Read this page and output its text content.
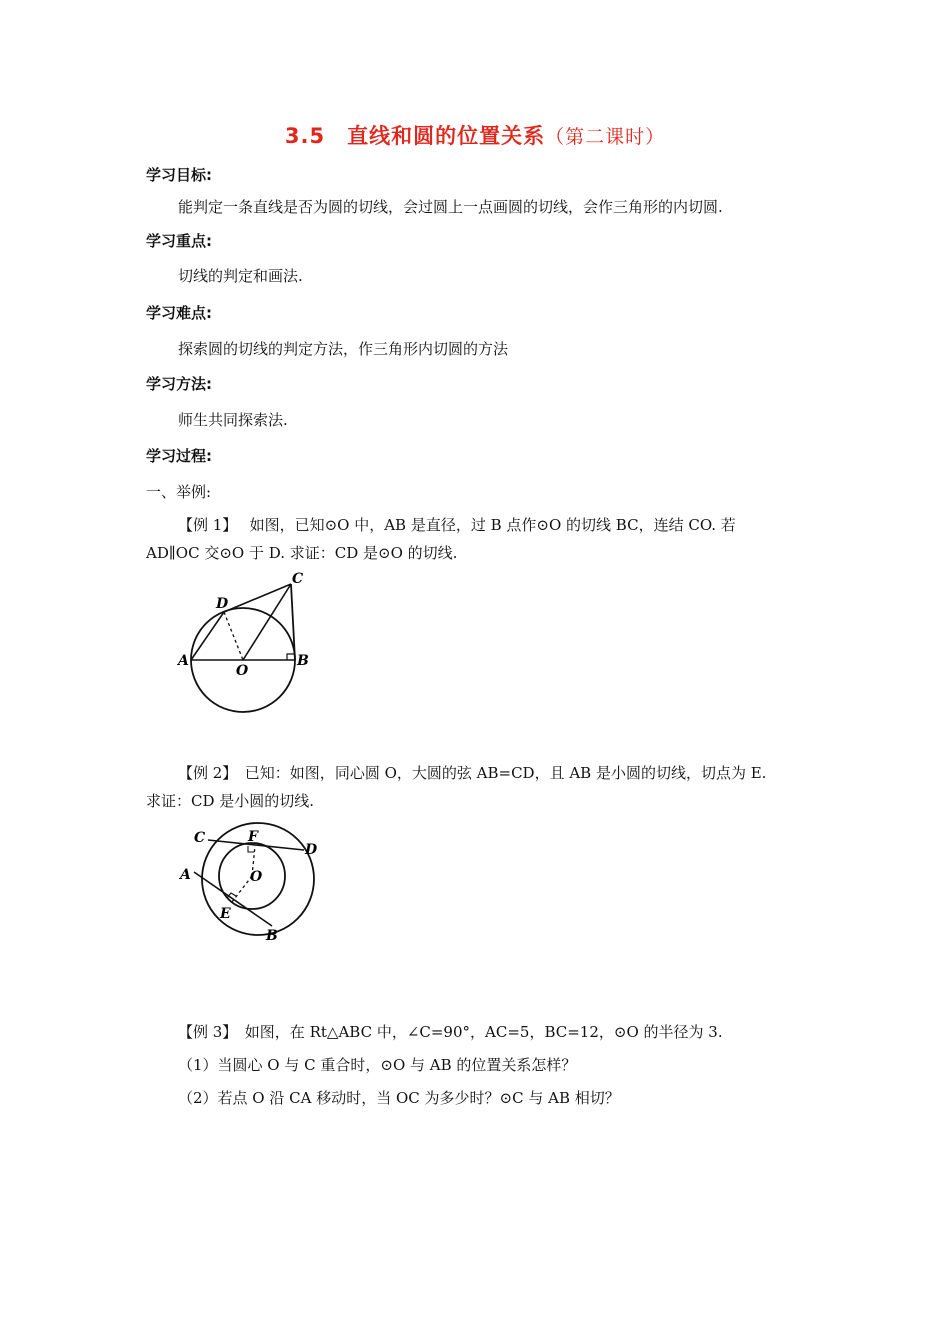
3.5　直线和圆的位置关系（第二课时）
学习目标:
能判定一条直线是否为圆的切线，会过圆上一点画圆的切线，会作三角形的内切圆.
学习重点:
切线的判定和画法.
学习难点:
探索圆的切线的判定方法，作三角形内切圆的方法
学习方法:
师生共同探索法.
学习过程:
一、举例:
【例 1】　 如图，已知⊙O 中，AB 是直径，过 B 点作⊙O 的切线 BC，连结 CO. 若
AD∥OC 交⊙O 于 D. 求证：CD 是⊙O 的切线.
C
D
A
O
B
【例 2】　已知：如图，同心圆 O，大圆的弦 AB=CD，且 AB 是小圆的切线，切点为 E.
求证：CD 是小圆的切线.
C	F
D
A	O
E
B
【例 3】　如图，在 Rt△ABC 中，∠C=90°，AC=5，BC=12，⊙O 的半径为 3.
（1）当圆心 O 与 C 重合时，⊙O 与 AB 的位置关系怎样？
（2）若点 O 沿 CA 移动时，当 OC 为多少时？⊙C 与 AB 相切？
